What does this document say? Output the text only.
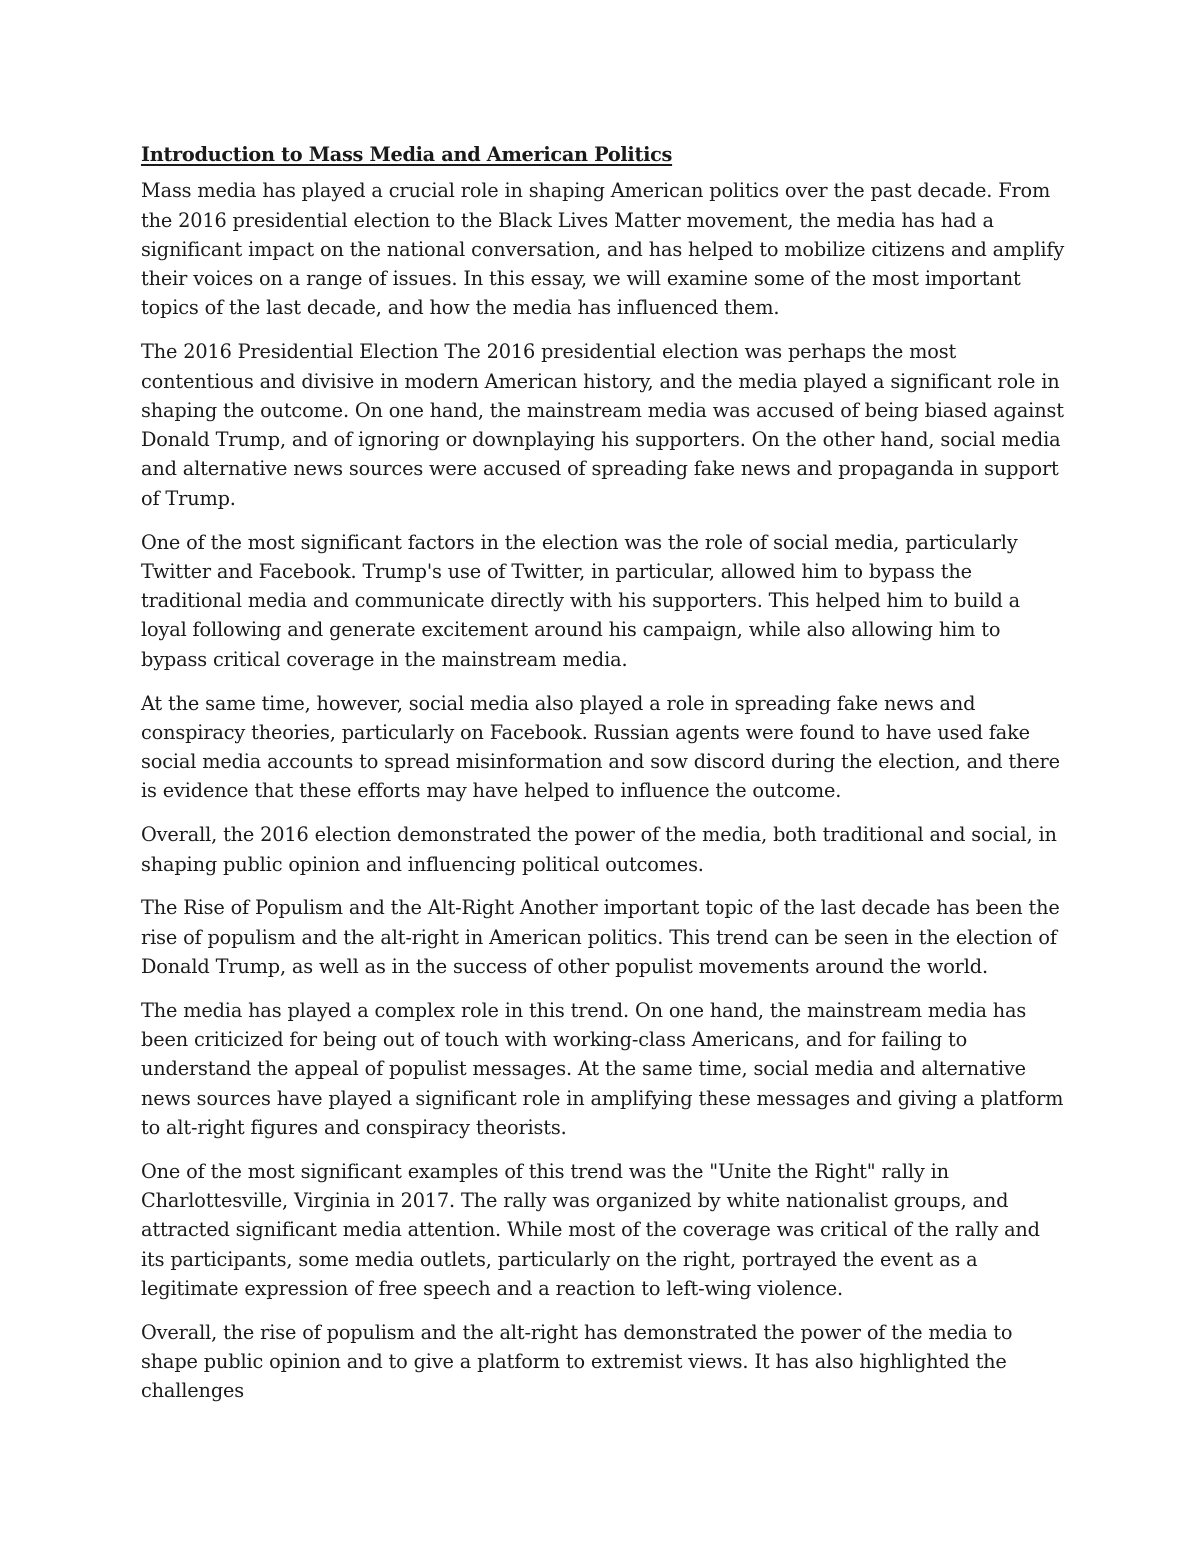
Introduction to Mass Media and American Politics

Mass media has played a crucial role in shaping American politics over the past decade. From the 2016 presidential election to the Black Lives Matter movement, the media has had a significant impact on the national conversation, and has helped to mobilize citizens and amplify their voices on a range of issues. In this essay, we will examine some of the most important topics of the last decade, and how the media has influenced them.

The 2016 Presidential Election The 2016 presidential election was perhaps the most contentious and divisive in modern American history, and the media played a significant role in shaping the outcome. On one hand, the mainstream media was accused of being biased against Donald Trump, and of ignoring or downplaying his supporters. On the other hand, social media and alternative news sources were accused of spreading fake news and propaganda in support of Trump.

One of the most significant factors in the election was the role of social media, particularly Twitter and Facebook. Trump's use of Twitter, in particular, allowed him to bypass the traditional media and communicate directly with his supporters. This helped him to build a loyal following and generate excitement around his campaign, while also allowing him to bypass critical coverage in the mainstream media.

At the same time, however, social media also played a role in spreading fake news and conspiracy theories, particularly on Facebook. Russian agents were found to have used fake social media accounts to spread misinformation and sow discord during the election, and there is evidence that these efforts may have helped to influence the outcome.

Overall, the 2016 election demonstrated the power of the media, both traditional and social, in shaping public opinion and influencing political outcomes.

The Rise of Populism and the Alt-Right Another important topic of the last decade has been the rise of populism and the alt-right in American politics. This trend can be seen in the election of Donald Trump, as well as in the success of other populist movements around the world.

The media has played a complex role in this trend. On one hand, the mainstream media has been criticized for being out of touch with working-class Americans, and for failing to understand the appeal of populist messages. At the same time, social media and alternative news sources have played a significant role in amplifying these messages and giving a platform to alt-right figures and conspiracy theorists.

One of the most significant examples of this trend was the "Unite the Right" rally in Charlottesville, Virginia in 2017. The rally was organized by white nationalist groups, and attracted significant media attention. While most of the coverage was critical of the rally and its participants, some media outlets, particularly on the right, portrayed the event as a legitimate expression of free speech and a reaction to left-wing violence.

Overall, the rise of populism and the alt-right has demonstrated the power of the media to shape public opinion and to give a platform to extremist views. It has also highlighted the challenges
